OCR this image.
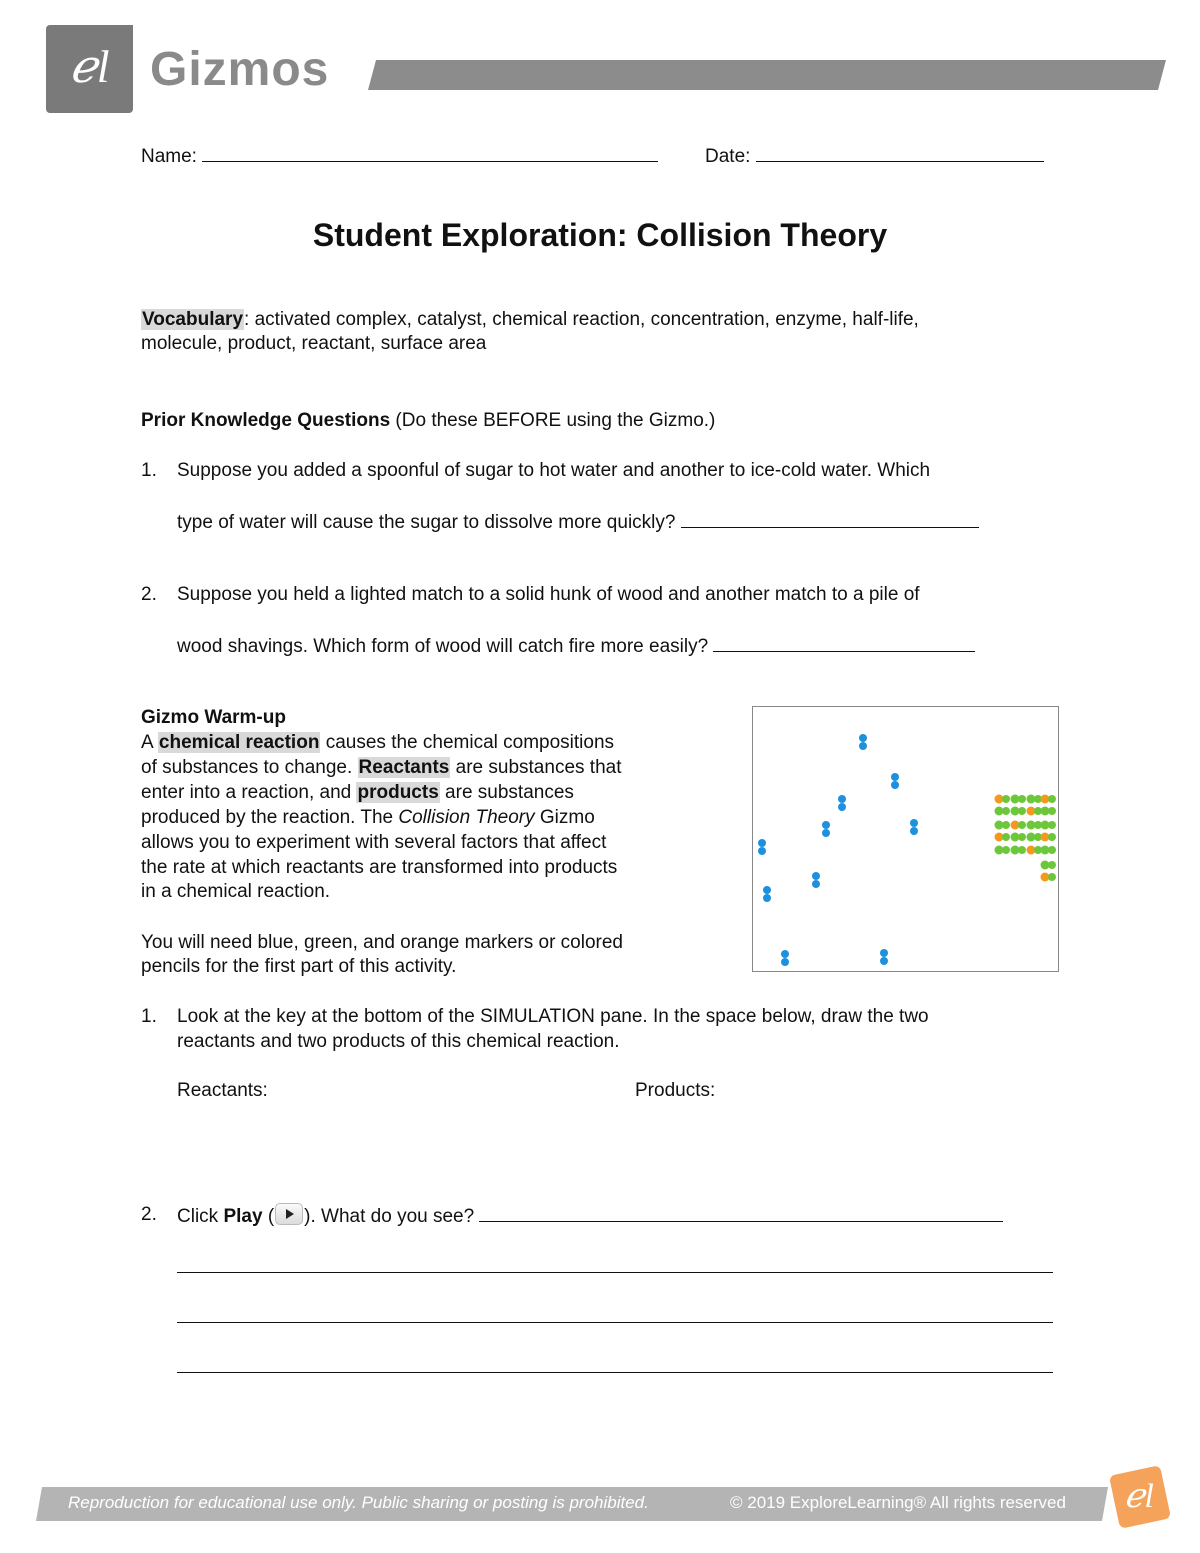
ℯl Gizmos
Name:	Date:
Student Exploration: Collision Theory
Vocabulary: activated complex, catalyst, chemical reaction, concentration, enzyme, half-life,
molecule, product, reactant, surface area
Prior Knowledge Questions (Do these BEFORE using the Gizmo.)
1. Suppose you added a spoonful of sugar to hot water and another to ice-cold water. Which
type of water will cause the sugar to dissolve more quickly?
2. Suppose you held a lighted match to a solid hunk of wood and another match to a pile of
wood shavings. Which form of wood will catch fire more easily?
Gizmo Warm-up
A chemical reaction causes the chemical compositions
of substances to change. Reactants are substances that
enter into a reaction, and products are substances
produced by the reaction. The Collision Theory Gizmo
allows you to experiment with several factors that affect
the rate at which reactants are transformed into products
in a chemical reaction.
You will need blue, green, and orange markers or colored
pencils for the first part of this activity.
1. Look at the key at the bottom of the SIMULATION pane. In the space below, draw the two
reactants and two products of this chemical reaction.
Reactants:	Products:
2. Click Play ( ). What do you see?
Reproduction for educational use only. Public sharing or posting is prohibited.	© 2019 ExploreLearning® All rights reserved	ℯl
